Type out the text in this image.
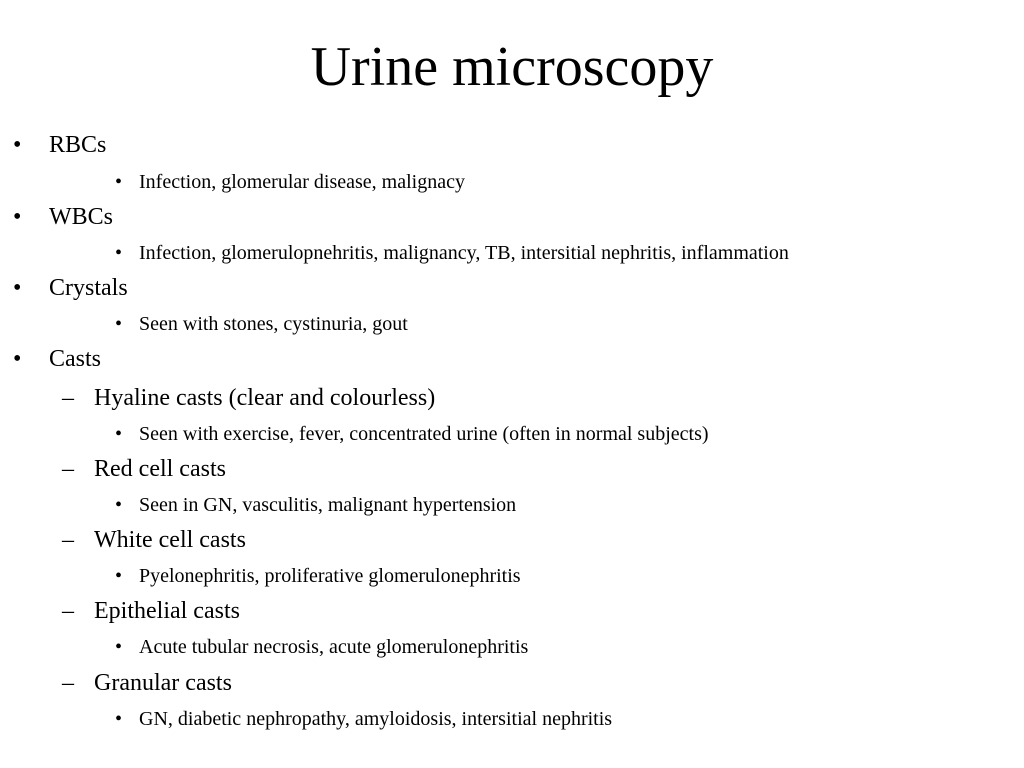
Urine microscopy
• RBCs
• Infection, glomerular disease, malignacy
• WBCs
• Infection, glomerulopnehritis, malignancy, TB, intersitial nephritis, inflammation
• Crystals
• Seen with stones, cystinuria, gout
• Casts
– Hyaline casts (clear and colourless)
• Seen with exercise, fever, concentrated urine (often in normal subjects)
– Red cell casts
• Seen in GN, vasculitis, malignant hypertension
– White cell casts
• Pyelonephritis, proliferative glomerulonephritis
– Epithelial casts
• Acute tubular necrosis, acute glomerulonephritis
– Granular casts
• GN, diabetic nephropathy, amyloidosis, intersitial nephritis
